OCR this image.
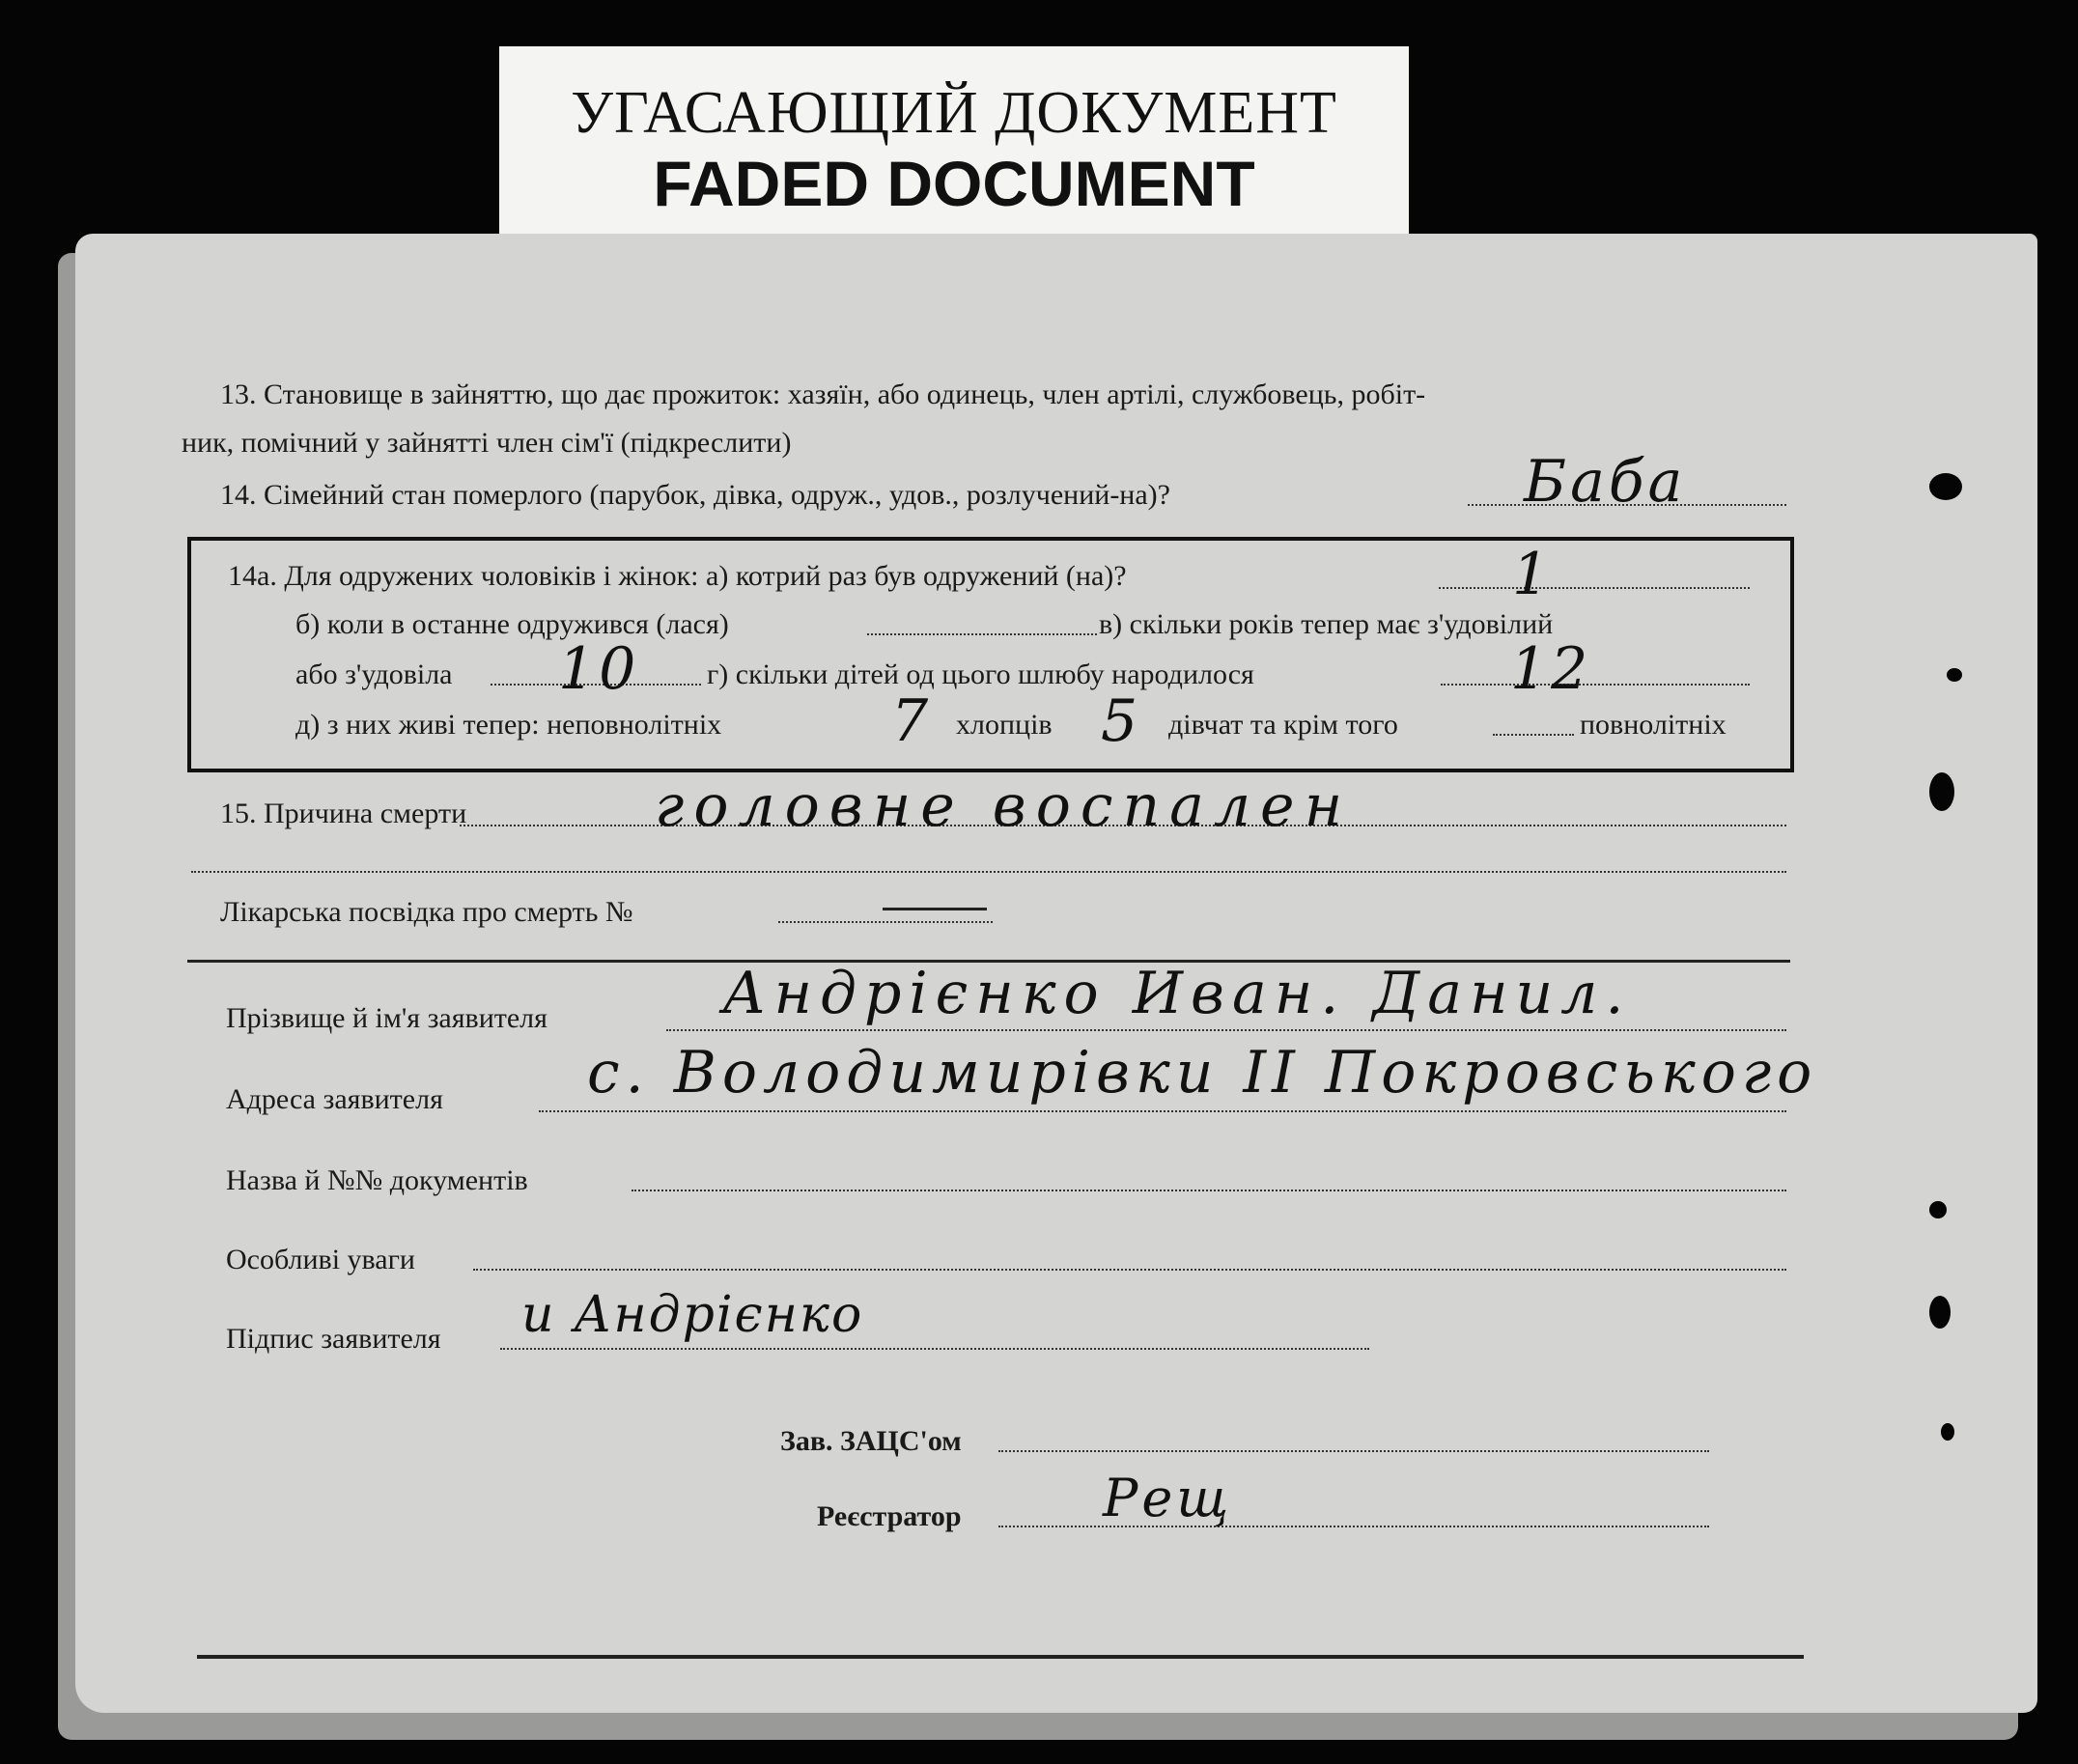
УГАСАЮЩИЙ ДОКУМЕНТ
FADED DOCUMENT
13. Становище в зайняттю, що дає прожиток: хазяїн, або одинець, член артілі, службовець, робіт-
ник, помічний у зайнятті член сім'ї (підкреслити)
14. Сімейний стан померлого (парубок, дівка, одруж., удов., розлучений-на)?	Баба
14а. Для одружених чоловіків і жінок: а) котрий раз був одружений (на)?	1
б) коли в останне одружився (лася)	в) скільки років тепер має з'удовілий
або з'удовіла 10 г) скільки дітей од цього шлюбу народилося	12
д) з них живі тепер: неповнолітніх	7 хлопців 5 дівчат та крім того	повнолітніх
15. Причина смерти	головне воспален
Лікарська посвідка про смерть №
Прізвище й ім'я заявителя	Андрієнко Иван. Данил.
Адреса заявителя с. Володимирівки II Покровського
Назва й №№ документів
Особливі уваги
Підпис заявителя и Андрієнко
Зав. ЗАЦС'ом
Реєстратор	Рещ
